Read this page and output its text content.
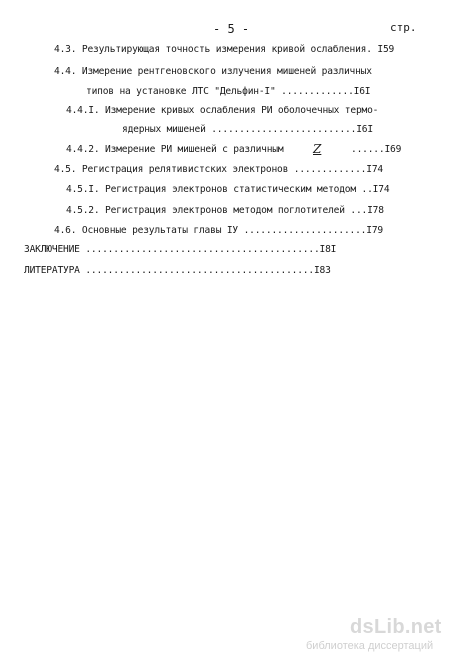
- 5 -	стр.
4.3. Результирующая точность измерения кривой ослабления. I59
4.4. Измерение рентгеновского излучения мишеней различных
типов на установке ЛТС "Дельфин-I" .............I6I
4.4.I. Измерение кривых ослабления РИ оболочечных термо-
ядерных мишеней ..........................I6I
4.4.2. Измерение РИ мишеней с различным Z	......I69
4.5. Регистрация релятивистских электронов .............I74
4.5.I. Регистрация электронов статистическим методом ..I74
4.5.2. Регистрация электронов методом поглотителей ...I78
4.6. Основные результаты главы IУ ......................I79
ЗАКЛЮЧЕНИЕ ..........................................I8I
ЛИТЕРАТУРА .........................................I83
dsLib.net
библиотека диссертаций
